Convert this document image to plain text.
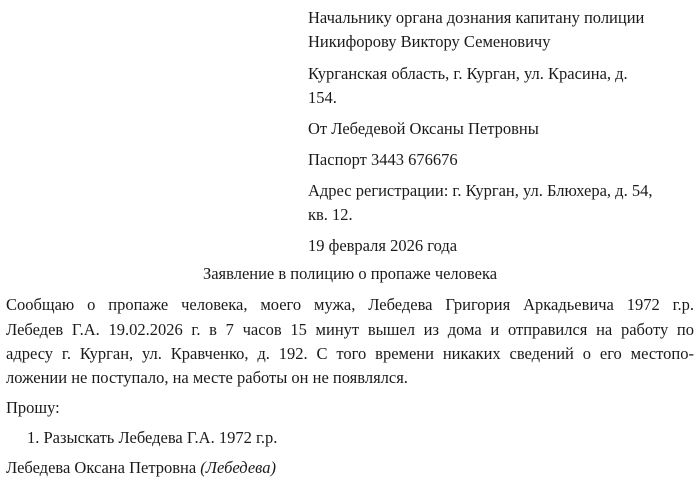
Начальнику органа дознания капитану полиции
Никифорову Виктору Семеновичу
Курганская область, г. Курган, ул. Красина, д.
154.
От Лебедевой Оксаны Петровны
Паспорт 3443 676676
Адрес регистрации: г. Курган, ул. Блюхера, д. 54,
кв. 12.
19 февраля 2026 года
Заявление в полицию о пропаже человека
Сообщаю о пропаже человека, моего мужа, Лебедева Григория Аркадьевича 1972 г.р.
Лебедев Г.А. 19.02.2026 г. в 7 часов 15 минут вышел из дома и отправился на работу по
адресу г. Курган, ул. Кравченко, д. 192. С того времени никаких сведений о его местопо-
ложении не поступало, на месте работы он не появлялся.
Прошу:
1. Разыскать Лебедева Г.А. 1972 г.р.
Лебедева Оксана Петровна (Лебедева)
